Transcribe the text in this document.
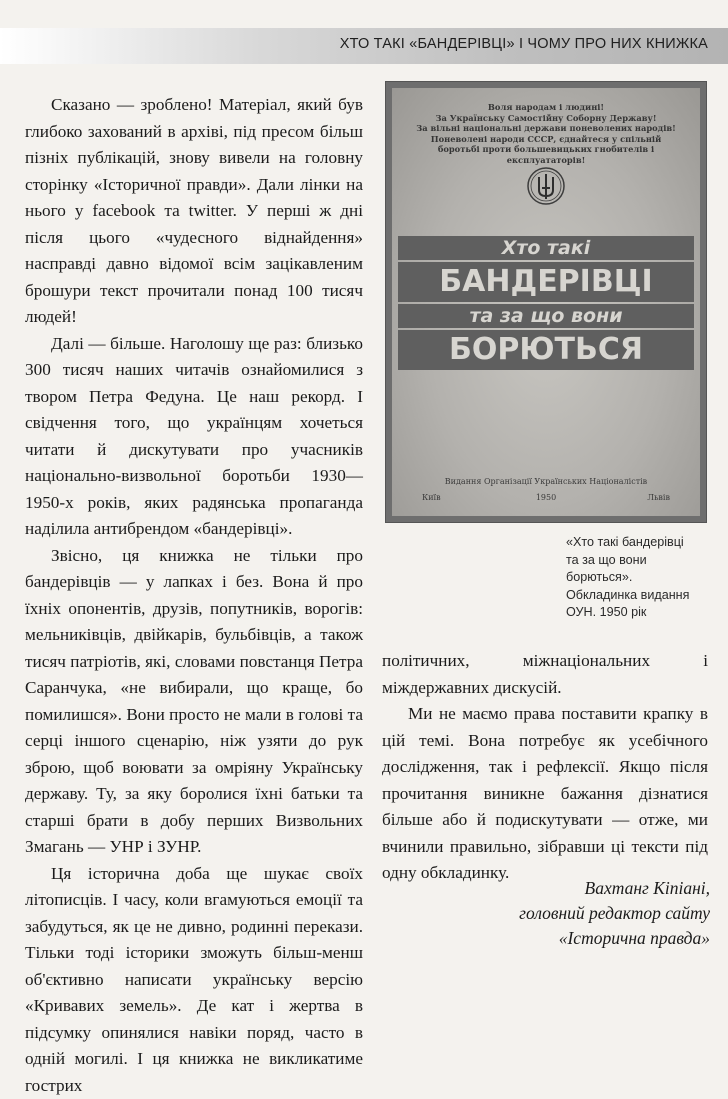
ХТО ТАКІ «БАНДЕРІВЦІ» І ЧОМУ ПРО НИХ КНИЖКА

Сказано — зроблено! Матеріал, який був глибоко захований в архіві, під пресом більш пізніх публікацій, знову вивели на головну сторінку «Історичної правди». Дали лінки на нього у facebook та twitter. У перші ж дні після цього «чудесного віднайдення» насправді давно відомої всім зацікавленим брошури текст прочитали понад 100 тисяч людей!

Далі — більше. Наголошу ще раз: близько 300 тисяч наших читачів ознайомилися з твором Петра Федуна. Це наш рекорд. І свідчення того, що українцям хочеться читати й дискутувати про учасників національно-визвольної боротьби 1930—1950-х років, яких радянська пропаганда наділила антибрендом «бандерівці».

Звісно, ця книжка не тільки про бандерівців — у лапках і без. Вона й про їхніх опонентів, друзів, попутників, ворогів: мельниківців, двійкарів, бульбівців, а також тисяч патріотів, які, словами повстанця Петра Саранчука, «не вибирали, що краще, бо помилишся». Вони просто не мали в голові та серці іншого сценарію, ніж узяти до рук зброю, щоб воювати за омріяну Українську державу. Ту, за яку боролися їхні батьки та старші брати в добу перших Визвольних Змагань — УНР і ЗУНР.

Ця історична доба ще шукає своїх літописців. І часу, коли вгамуються емоції та забудуться, як це не дивно, родинні перекази. Тільки тоді історики зможуть більш-менш об'єктивно написати українську версію «Кривавих земель». Де кат і жертва в підсумку опинялися навіки поряд, часто в одній могилі. І ця книжка не викликатиме гострих

Воля народам і людині!
За Українську Самостійну Соборну Державу!
За вільні національні держави поневолених народів!
Поневолені народи СССР, єднайтеся у спільній
боротьбі проти большевицьких гнобителів і експлуататорів!
Хто такі
БАНДЕРІВЦІ
та за що вони
БОРЮТЬСЯ
Видання Організації Українських Націоналістів
Київ	1950	Львів
«Хто такі бандерівці
та за що вони
борються».
Обкладинка видання
ОУН. 1950 рік

політичних, міжнаціональних і міждержавних дискусій.

Ми не маємо права поставити крапку в цій темі. Вона потребує як усебічного дослідження, так і рефлексії. Якщо після прочитання виникне бажання дізнатися більше або й подискутувати — отже, ми вчинили правильно, зібравши ці тексти під одну обкладинку.

Вахтанг Кіпіані,
головний редактор сайту
«Історична правда»
